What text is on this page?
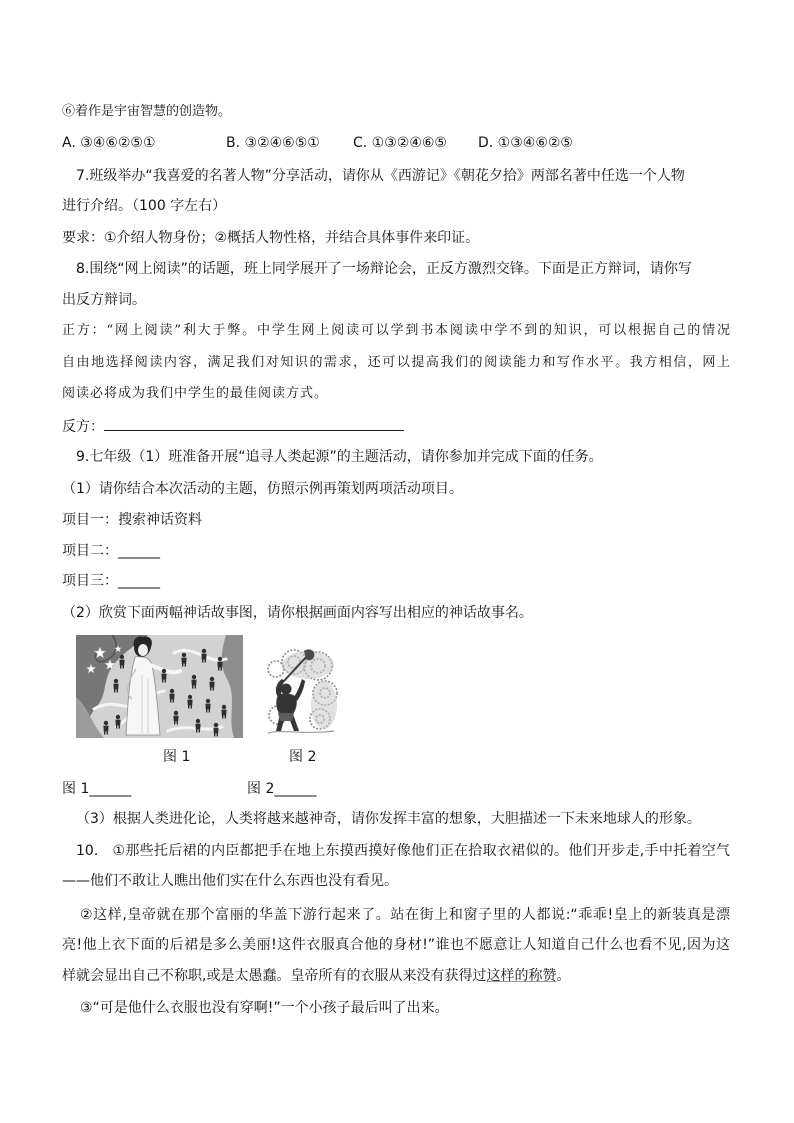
⑥着作是宇宙智慧的创造物。
A. ③④⑥②⑤①	B. ③②④⑥⑤① C. ①③②④⑥⑤ D. ①③④⑥②⑤
7.班级举办“我喜爱的名著人物”分享活动，请你从《西游记》《朝花夕拾》两部名著中任选一个人物
进行介绍。（100 字左右）
要求：①介绍人物身份；②概括人物性格，并结合具体事件来印证。
8.围绕“网上阅读”的话题，班上同学展开了一场辩论会，正反方激烈交锋。下面是正方辩词，请你写
出反方辩词。
正方：“网上阅读”利大于弊。中学生网上阅读可以学到书本阅读中学不到的知识，可以根据自己的情况
自由地选择阅读内容，满足我们对知识的需求，还可以提高我们的阅读能力和写作水平。我方相信，网上
阅读必将成为我们中学生的最佳阅读方式。
反方：
9.七年级（1）班准备开展“追寻人类起源”的主题活动，请你参加并完成下面的任务。
（1）请你结合本次活动的主题，仿照示例再策划两项活动项目。
项目一：搜索神话资料
项目二：______
项目三：______
（2）欣赏下面两幅神话故事图，请你根据画面内容写出相应的神话故事名。
图 1	图 2
图 1______	图 2______
（3）根据人类进化论，人类将越来越神奇，请你发挥丰富的想象，大胆描述一下未来地球人的形象。
10.   ①那些托后裙的内臣都把手在地上东摸西摸好像他们正在拾取衣裙似的。他们开步走,手中托着空气
——他们不敢让人瞧出他们实在什么东西也没有看见。
②这样,皇帝就在那个富丽的华盖下游行起来了。站在街上和窗子里的人都说:“乖乖!皇上的新装真是漂
亮!他上衣下面的后裙是多么美丽!这件衣服真合他的身材!”谁也不愿意让人知道自己什么也看不见,因为这
样就会显出自己不称职,或是太愚蠢。皇帝所有的衣服从来没有获得过这样的称赞。
③“可是他什么衣服也没有穿啊!”一个小孩子最后叫了出来。
